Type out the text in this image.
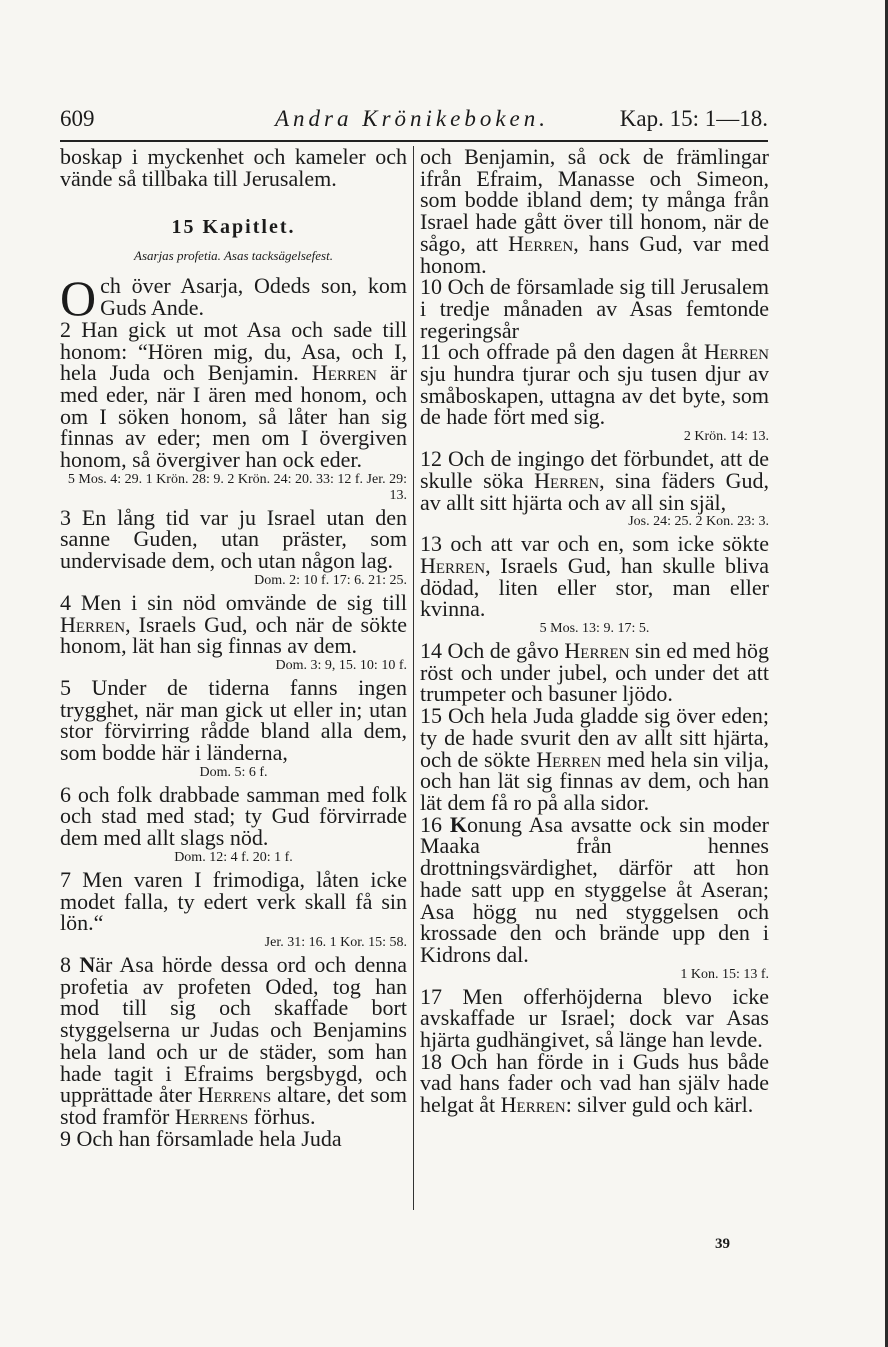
609	Andra Krönikeboken.	Kap. 15: 1—18.

boskap i myckenhet och kameler och vände så tillbaka till Jerusalem.

15 Kapitlet.
Asarjas profetia. Asas tacksägelsefest.

Och över Asarja, Odeds son, kom Guds Ande.

2 Han gick ut mot Asa och sade till honom: “Hören mig, du, Asa, och I, hela Juda och Benjamin. Herren är med eder, när I ären med honom, och om I söken honom, så låter han sig finnas av eder; men om I övergiven honom, så övergiver han ock eder.

5 Mos. 4: 29. 1 Krön. 28: 9. 2 Krön. 24: 20. 33: 12 f. Jer. 29: 13.

3 En lång tid var ju Israel utan den sanne Guden, utan präster, som undervisade dem, och utan någon lag.

Dom. 2: 10 f. 17: 6. 21: 25.

4 Men i sin nöd omvände de sig till Herren, Israels Gud, och när de sökte honom, lät han sig finnas av dem.

Dom. 3: 9, 15. 10: 10 f.

5 Under de tiderna fanns ingen trygghet, när man gick ut eller in; utan stor förvirring rådde bland alla dem, som bodde här i länderna,

Dom. 5: 6 f.

6 och folk drabbade samman med folk och stad med stad; ty Gud förvirrade dem med allt slags nöd.

Dom. 12: 4 f. 20: 1 f.

7 Men varen I frimodiga, låten icke modet falla, ty edert verk skall få sin lön.“

Jer. 31: 16. 1 Kor. 15: 58.

8 När Asa hörde dessa ord och denna profetia av profeten Oded, tog han mod till sig och skaffade bort styggelserna ur Judas och Benjamins hela land och ur de städer, som han hade tagit i Efraims bergsbygd, och upprättade åter Herrens altare, det som stod framför Herrens förhus.

9 Och han församlade hela Juda

och Benjamin, så ock de främlingar ifrån Efraim, Manasse och Simeon, som bodde ibland dem; ty många från Israel hade gått över till honom, när de sågo, att Herren, hans Gud, var med honom.

10 Och de församlade sig till Jerusalem i tredje månaden av Asas femtonde regeringsår

11 och offrade på den dagen åt Herren sju hundra tjurar och sju tusen djur av småboskapen, uttagna av det byte, som de hade fört med sig.

2 Krön. 14: 13.

12 Och de ingingo det förbundet, att de skulle söka Herren, sina fäders Gud, av allt sitt hjärta och av all sin själ,

Jos. 24: 25. 2 Kon. 23: 3.

13 och att var och en, som icke sökte Herren, Israels Gud, han skulle bliva dödad, liten eller stor, man eller kvinna.

5 Mos. 13: 9. 17: 5.

14 Och de gåvo Herren sin ed med hög röst och under jubel, och under det att trumpeter och basuner ljödo.

15 Och hela Juda gladde sig över eden; ty de hade svurit den av allt sitt hjärta, och de sökte Herren med hela sin vilja, och han lät sig finnas av dem, och han lät dem få ro på alla sidor.

16 Konung Asa avsatte ock sin moder Maaka från hennes drottningsvärdighet, därför att hon hade satt upp en styggelse åt Aseran; Asa högg nu ned styggelsen och krossade den och brände upp den i Kidrons dal.

1 Kon. 15: 13 f.

17 Men offerhöjderna blevo icke avskaffade ur Israel; dock var Asas hjärta gudhängivet, så länge han levde.

18 Och han förde in i Guds hus både vad hans fader och vad han själv hade helgat åt Herren: silver guld och kärl.

39
